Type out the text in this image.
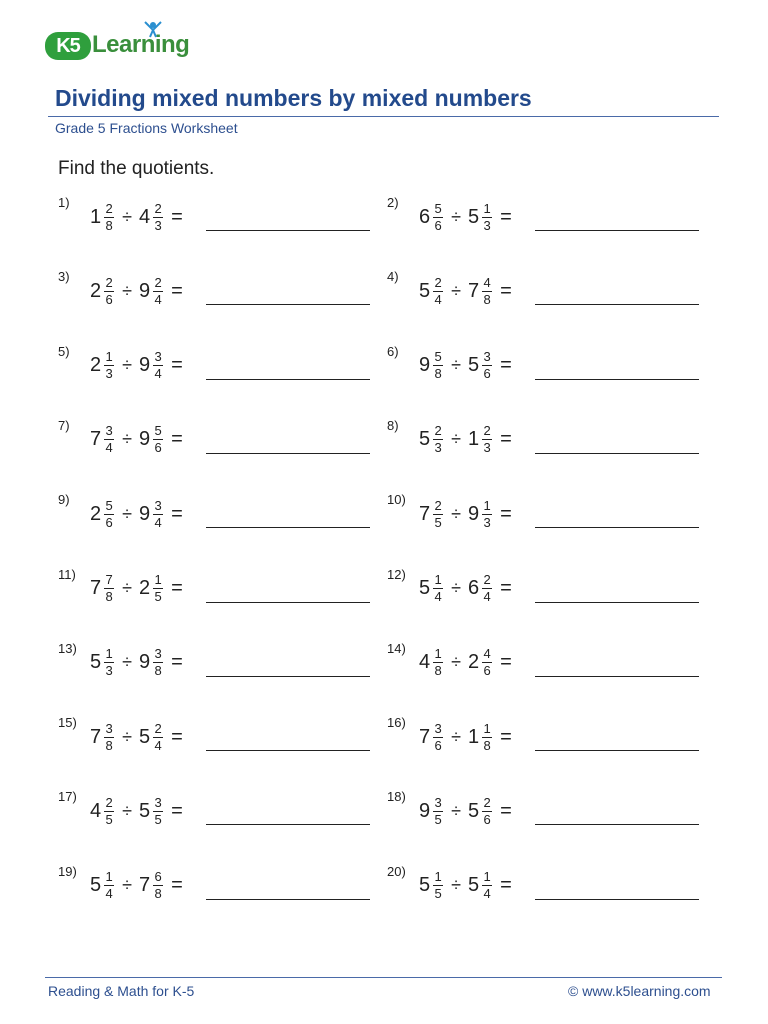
K5 Learning
Dividing mixed numbers by mixed numbers
Grade 5 Fractions Worksheet
Find the quotients.
1)
$1 \frac{2}{8} \div 4 \frac{2}{3}$ =
2)
$6 \frac{5}{6} \div 5 \frac{1}{3}$ =
3)
$2 \frac{2}{6} \div 9 \frac{2}{4}$ =
4)
$5 \frac{2}{4} \div 7 \frac{4}{8}$ =
5)
$2 \frac{1}{3} \div 9 \frac{3}{4}$ =
6)
$9 \frac{5}{8} \div 5 \frac{3}{6}$ =
7)
$7 \frac{3}{4} \div 9 \frac{5}{6}$ =
8)
$5 \frac{2}{3} \div 1 \frac{2}{3}$ =
9)
$2 \frac{5}{6} \div 9 \frac{3}{4}$ =
10)
$7 \frac{2}{5} \div 9 \frac{1}{3}$ =
11)
$7 \frac{7}{8} \div 2 \frac{1}{5}$ =
12)
$5 \frac{1}{4} \div 6 \frac{2}{4}$ =
13)
$5 \frac{1}{3} \div 9 \frac{3}{8}$ =
14)
$4 \frac{1}{8} \div 2 \frac{4}{6}$ =
15)
$7 \frac{3}{8} \div 5 \frac{2}{4}$ =
16)
$7 \frac{3}{6} \div 1 \frac{1}{8}$ =
17)
$4 \frac{2}{5} \div 5 \frac{3}{5}$ =
18)
$9 \frac{3}{5} \div 5 \frac{2}{6}$ =
19)
$5 \frac{1}{4} \div 7 \frac{6}{8}$ =
20)
$5 \frac{1}{5} \div 5 \frac{1}{4}$ =
Reading & Math for K-5	© www.k5learning.com
